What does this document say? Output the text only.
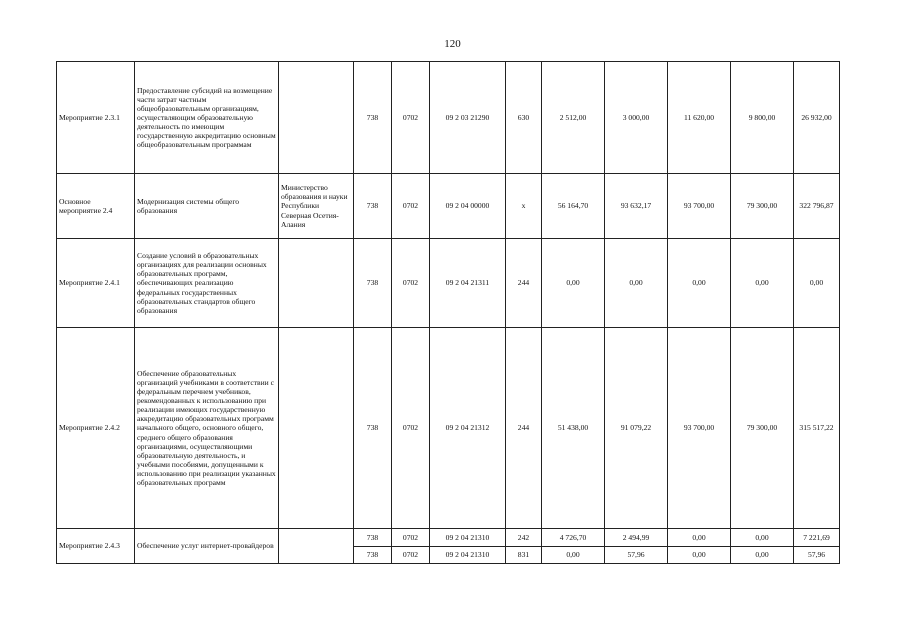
120
Мероприятие 2.3.1	Предоставление субсидий на возмещение части затрат частным общеобразовательным организациям, осуществляющим образовательную деятельность по имеющим государственную аккредитацию основным общеобразовательным программам		738	0702	09 2 03 21290	630	2 512,00	3 000,00	11 620,00	9 800,00	26 932,00
Основное мероприятие 2.4	Модернизация системы общего образования	Министерство образования и науки Республики Северная Осетия-Алания	738	0702	09 2 04 00000	х	56 164,70	93 632,17	93 700,00	79 300,00	322 796,87
Мероприятие 2.4.1	Создание условий в образовательных организациях для реализации основных образовательных программ, обеспечивающих реализацию федеральных государственных образовательных стандартов общего образования		738	0702	09 2 04 21311	244	0,00	0,00	0,00	0,00	0,00
Мероприятие 2.4.2	Обеспечение образовательных организаций учебниками в соответствии с федеральным перечнем учебников, рекомендованных к использованию при реализации имеющих государственную аккредитацию образовательных программ начального общего, основного общего, среднего общего образования организациями, осуществляющими образовательную деятельность, и учебными пособиями, допущенными к использованию при реализации указанных образовательных программ		738	0702	09 2 04 21312	244	51 438,00	91 079,22	93 700,00	79 300,00	315 517,22
Мероприятие 2.4.3	Обеспечение услуг интернет-провайдеров		738	0702	09 2 04 21310	242	4 726,70	2 494,99	0,00	0,00	7 221,69
			738	0702	09 2 04 21310	831	0,00	57,96	0,00	0,00	57,96
